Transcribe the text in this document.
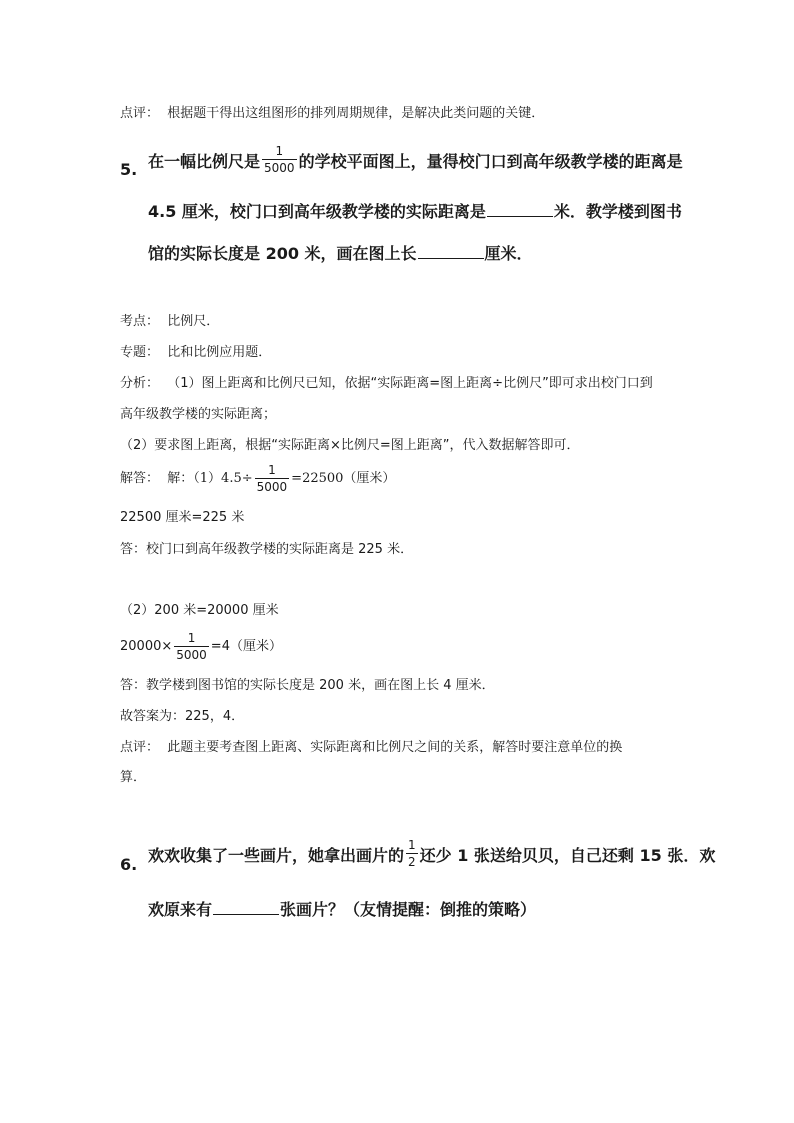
点评： 根据题干得出这组图形的排列周期规律，是解决此类问题的关键．
5. 在一幅比例尺是 $\frac{1}{5000}$ 的学校平面图上，量得校门口到高年级教学楼的距离是
4.5 厘米，校门口到高年级教学楼的实际距离是	米．教学楼到图书
馆的实际长度是 200 米，画在图上长	厘米．
考点： 比例尺．
专题： 比和比例应用题．
分析： （1）图上距离和比例尺已知，依据“实际距离=图上距离÷比例尺”即可求出校门口到
高年级教学楼的实际距离；
（2）要求图上距离，根据“实际距离×比例尺=图上距离”，代入数据解答即可．
解答： 解：$(1)4.5\div \frac{1}{5000} =22500$（厘米）
22500 厘米=225 米
答：校门口到高年级教学楼的实际距离是 225 米．
（2）200 米=20000 厘米
$20000\times \frac{1}{5000} =4$（厘米）
答：教学楼到图书馆的实际长度是 200 米，画在图上长 4 厘米．
故答案为：225，4．
点评： 此题主要考查图上距离、实际距离和比例尺之间的关系，解答时要注意单位的换
算．
6. 欢欢收集了一些画片，她拿出画片的 $\frac{1}{2}$ 还少 1 张送给贝贝，自己还剩 15 张．欢
欢原来有	张画片？（友情提醒：倒推的策略）
